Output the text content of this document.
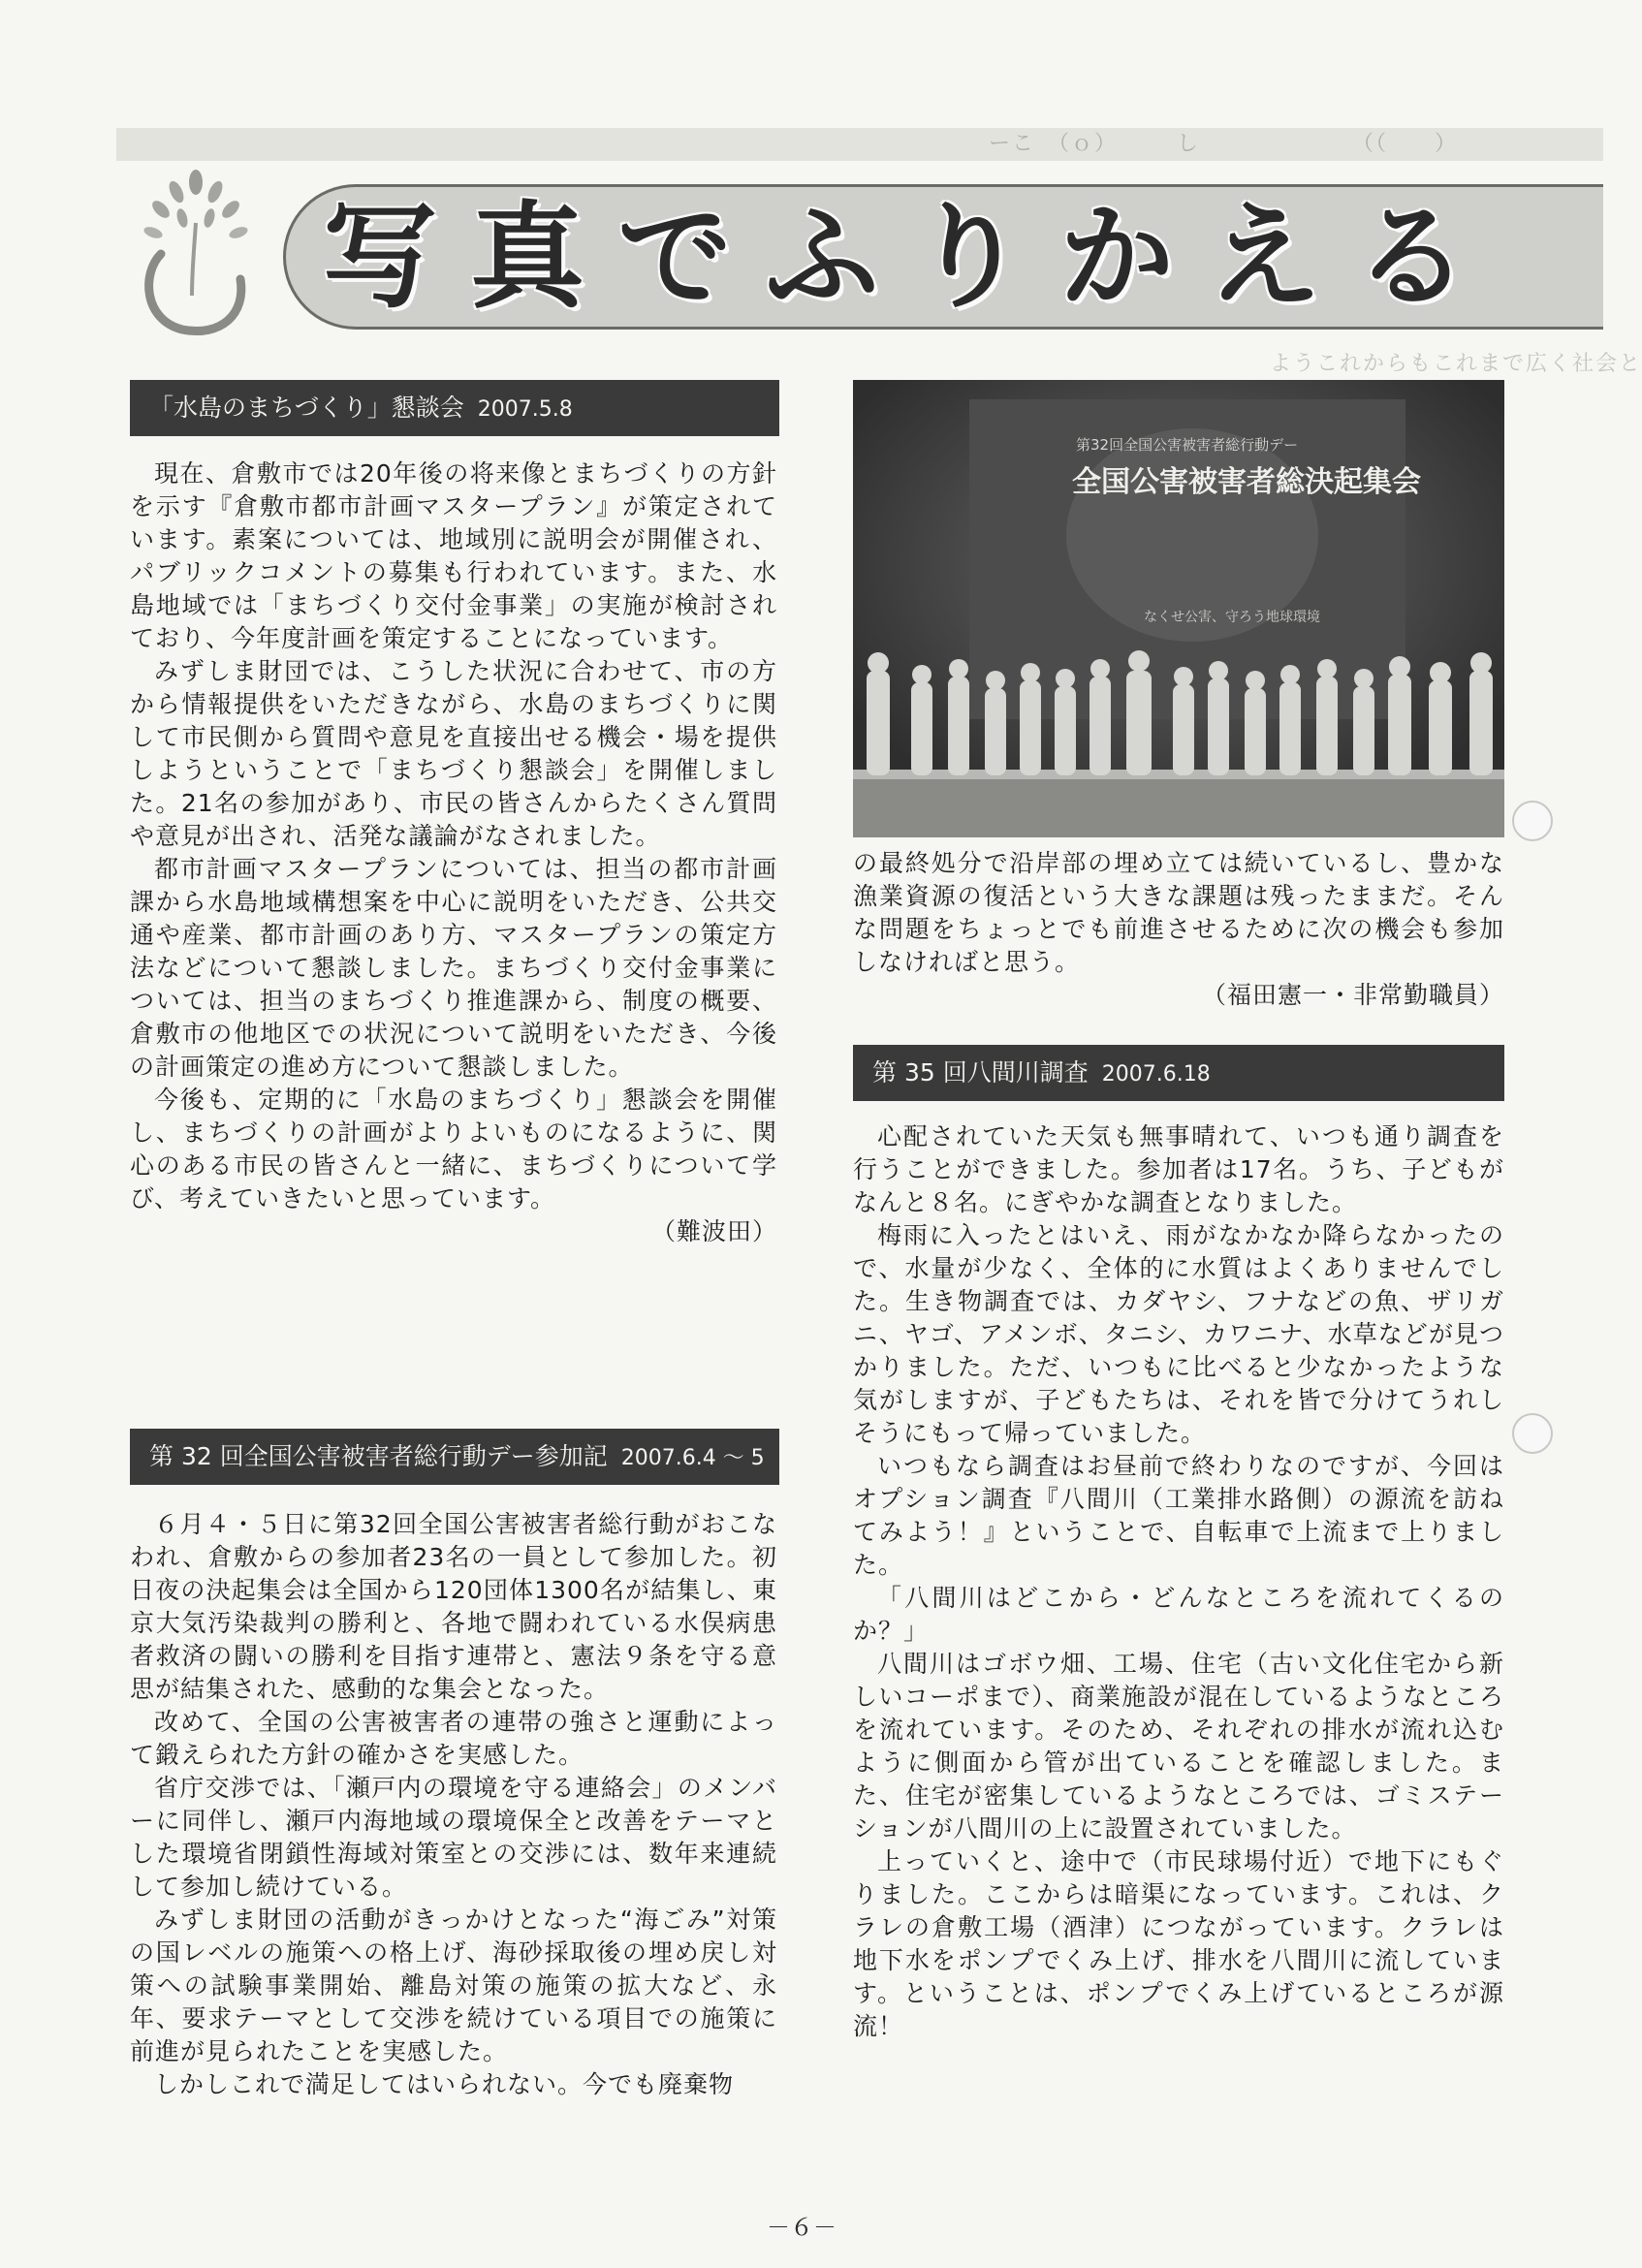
ーこ　（ｏ）　　　し　　　　　　　（（　　）
写真でふりかえる
ようこれからもこれまで広く社会と
「水島のまちづくり」懇談会 2007.5.8

現在、倉敷市では20年後の将来像とまちづくりの方針を示す『倉敷市都市計画マスタープラン』が策定されています。素案については、地域別に説明会が開催され、パブリックコメントの募集も行われています。また、水島地域では「まちづくり交付金事業」の実施が検討されており、今年度計画を策定することになっています。

みずしま財団では、こうした状況に合わせて、市の方から情報提供をいただきながら、水島のまちづくりに関して市民側から質問や意見を直接出せる機会・場を提供しようということで「まちづくり懇談会」を開催しました。21名の参加があり、市民の皆さんからたくさん質問や意見が出され、活発な議論がなされました。

都市計画マスタープランについては、担当の都市計画課から水島地域構想案を中心に説明をいただき、公共交通や産業、都市計画のあり方、マスタープランの策定方法などについて懇談しました。まちづくり交付金事業については、担当のまちづくり推進課から、制度の概要、倉敷市の他地区での状況について説明をいただき、今後の計画策定の進め方について懇談しました。

今後も、定期的に「水島のまちづくり」懇談会を開催し、まちづくりの計画がよりよいものになるように、関心のある市民の皆さんと一緒に、まちづくりについて学び、考えていきたいと思っています。

（難波田）
第 32 回全国公害被害者総行動デー参加記 2007.6.4 ～ 5

６月４・５日に第32回全国公害被害者総行動がおこなわれ、倉敷からの参加者23名の一員として参加した。初日夜の決起集会は全国から120団体1300名が結集し、東京大気汚染裁判の勝利と、各地で闘われている水俣病患者救済の闘いの勝利を目指す連帯と、憲法９条を守る意思が結集された、感動的な集会となった。

改めて、全国の公害被害者の連帯の強さと運動によって鍛えられた方針の確かさを実感した。

省庁交渉では、「瀬戸内の環境を守る連絡会」のメンバーに同伴し、瀬戸内海地域の環境保全と改善をテーマとした環境省閉鎖性海域対策室との交渉には、数年来連続して参加し続けている。

みずしま財団の活動がきっかけとなった“海ごみ”対策の国レベルの施策への格上げ、海砂採取後の埋め戻し対策への試験事業開始、離島対策の施策の拡大など、永年、要求テーマとして交渉を続けている項目での施策に前進が見られたことを実感した。

しかしこれで満足してはいられない。今でも廃棄物

第32回全国公害被害者総行動デー
全国公害被害者総決起集会
なくせ公害、守ろう地球環境

の最終処分で沿岸部の埋め立ては続いているし、豊かな漁業資源の復活という大きな課題は残ったままだ。そんな問題をちょっとでも前進させるために次の機会も参加しなければと思う。

（福田憲一・非常勤職員）
第 35 回八間川調査 2007.6.18

心配されていた天気も無事晴れて、いつも通り調査を行うことができました。参加者は17名。うち、子どもがなんと８名。にぎやかな調査となりました。

梅雨に入ったとはいえ、雨がなかなか降らなかったので、水量が少なく、全体的に水質はよくありませんでした。生き物調査では、カダヤシ、フナなどの魚、ザリガニ、ヤゴ、アメンボ、タニシ、カワニナ、水草などが見つかりました。ただ、いつもに比べると少なかったような気がしますが、子どもたちは、それを皆で分けてうれしそうにもって帰っていました。

いつもなら調査はお昼前で終わりなのですが、今回はオプション調査『八間川（工業排水路側）の源流を訪ねてみよう！』ということで、自転車で上流まで上りました。

「八間川はどこから・どんなところを流れてくるのか？」

八間川はゴボウ畑、工場、住宅（古い文化住宅から新しいコーポまで）、商業施設が混在しているようなところを流れています。そのため、それぞれの排水が流れ込むように側面から管が出ていることを確認しました。また、住宅が密集しているようなところでは、ゴミステーションが八間川の上に設置されていました。

上っていくと、途中で（市民球場付近）で地下にもぐりました。ここからは暗渠になっています。これは、クラレの倉敷工場（酒津）につながっています。クラレは地下水をポンプでくみ上げ、排水を八間川に流しています。ということは、ポンプでくみ上げているところが源流！

－６－
